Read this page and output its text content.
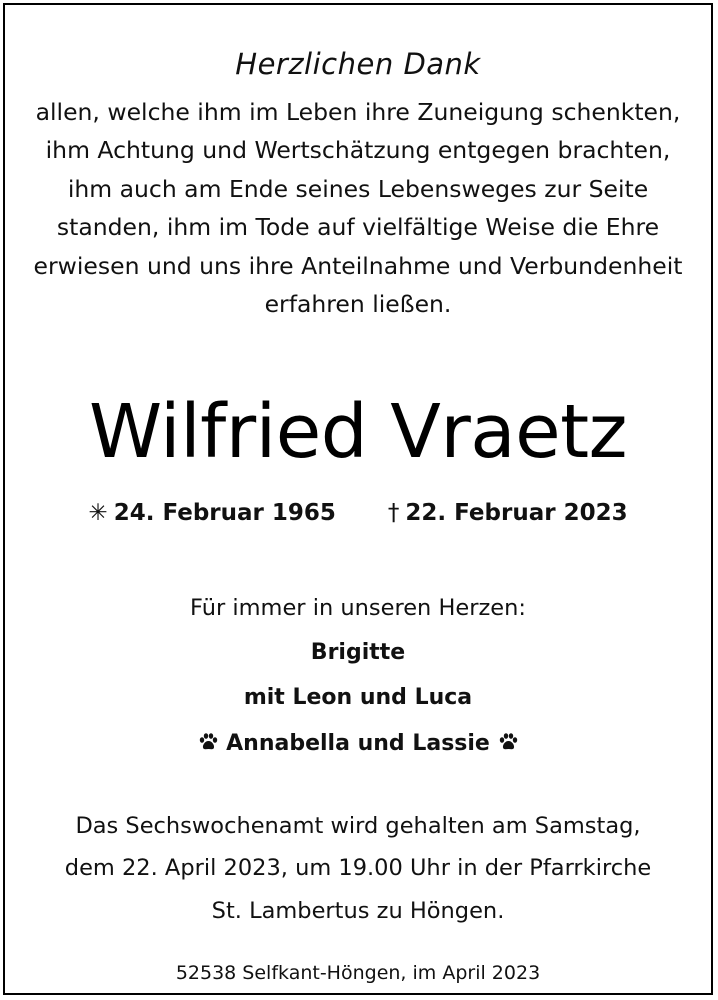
Herzlichen Dank
allen, welche ihm im Leben ihre Zuneigung schenkten,
ihm Achtung und Wertschätzung entgegen brachten,
ihm auch am Ende seines Lebensweges zur Seite
standen, ihm im Tode auf vielfältige Weise die Ehre
erwiesen und uns ihre Anteilnahme und Verbundenheit
erfahren ließen.
Wilfried Vraetz
✳ 24. Februar 1965 † 22. Februar 2023
Für immer in unseren Herzen:
Brigitte
mit Leon und Luca
Annabella und Lassie
Das Sechswochenamt wird gehalten am Samstag,
dem 22. April 2023, um 19.00 Uhr in der Pfarrkirche
St. Lambertus zu Höngen.
52538 Selfkant-Höngen, im April 2023
